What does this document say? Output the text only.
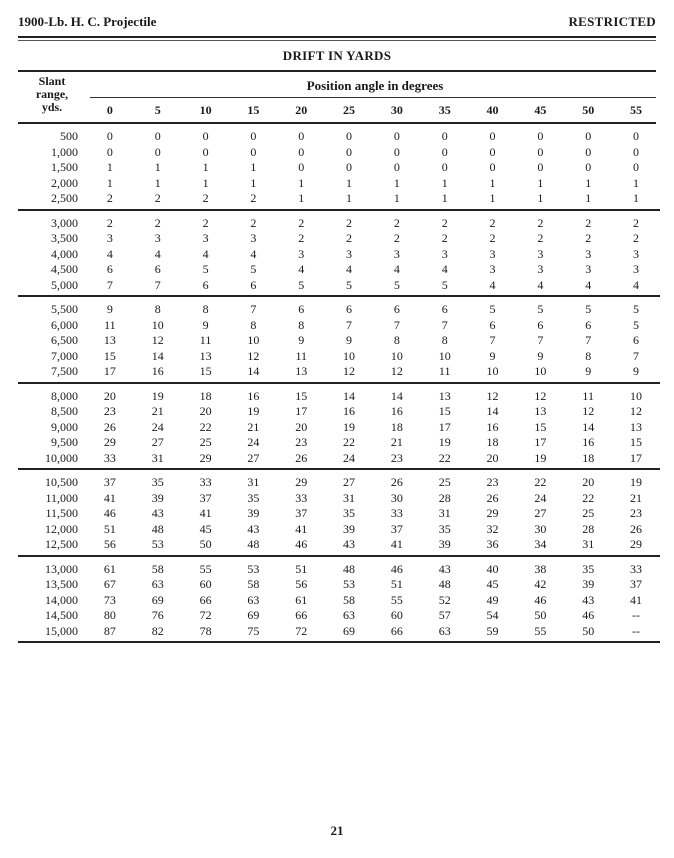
1900-Lb. H. C. Projectile	RESTRICTED
DRIFT IN YARDS
Slant
range,
yds.
Position angle in degrees
0	5	10	15	20	25	30	35	40	45	50	55
500	0	0	0	0	0	0	0	0	0	0	0	0
1,000	0	0	0	0	0	0	0	0	0	0	0	0
1,500	1	1	1	1	0	0	0	0	0	0	0	0
2,000	1	1	1	1	1	1	1	1	1	1	1	1
2,500	2	2	2	2	1	1	1	1	1	1	1	1
3,000	2	2	2	2	2	2	2	2	2	2	2	2
3,500	3	3	3	3	2	2	2	2	2	2	2	2
4,000	4	4	4	4	3	3	3	3	3	3	3	3
4,500	6	6	5	5	4	4	4	4	3	3	3	3
5,000	7	7	6	6	5	5	5	5	4	4	4	4
5,500	9	8	8	7	6	6	6	6	5	5	5	5
6,000	11	10	9	8	8	7	7	7	6	6	6	5
6,500	13	12	11	10	9	9	8	8	7	7	7	6
7,000	15	14	13	12	11	10	10	10	9	9	8	7
7,500	17	16	15	14	13	12	12	11	10	10	9	9
8,000	20	19	18	16	15	14	14	13	12	12	11	10
8,500	23	21	20	19	17	16	16	15	14	13	12	12
9,000	26	24	22	21	20	19	18	17	16	15	14	13
9,500	29	27	25	24	23	22	21	19	18	17	16	15
10,000	33	31	29	27	26	24	23	22	20	19	18	17
10,500	37	35	33	31	29	27	26	25	23	22	20	19
11,000	41	39	37	35	33	31	30	28	26	24	22	21
11,500	46	43	41	39	37	35	33	31	29	27	25	23
12,000	51	48	45	43	41	39	37	35	32	30	28	26
12,500	56	53	50	48	46	43	41	39	36	34	31	29
13,000	61	58	55	53	51	48	46	43	40	38	35	33
13,500	67	63	60	58	56	53	51	48	45	42	39	37
14,000	73	69	66	63	61	58	55	52	49	46	43	41
14,500	80	76	72	69	66	63	60	57	54	50	46	--
15,000	87	82	78	75	72	69	66	63	59	55	50	--
21
